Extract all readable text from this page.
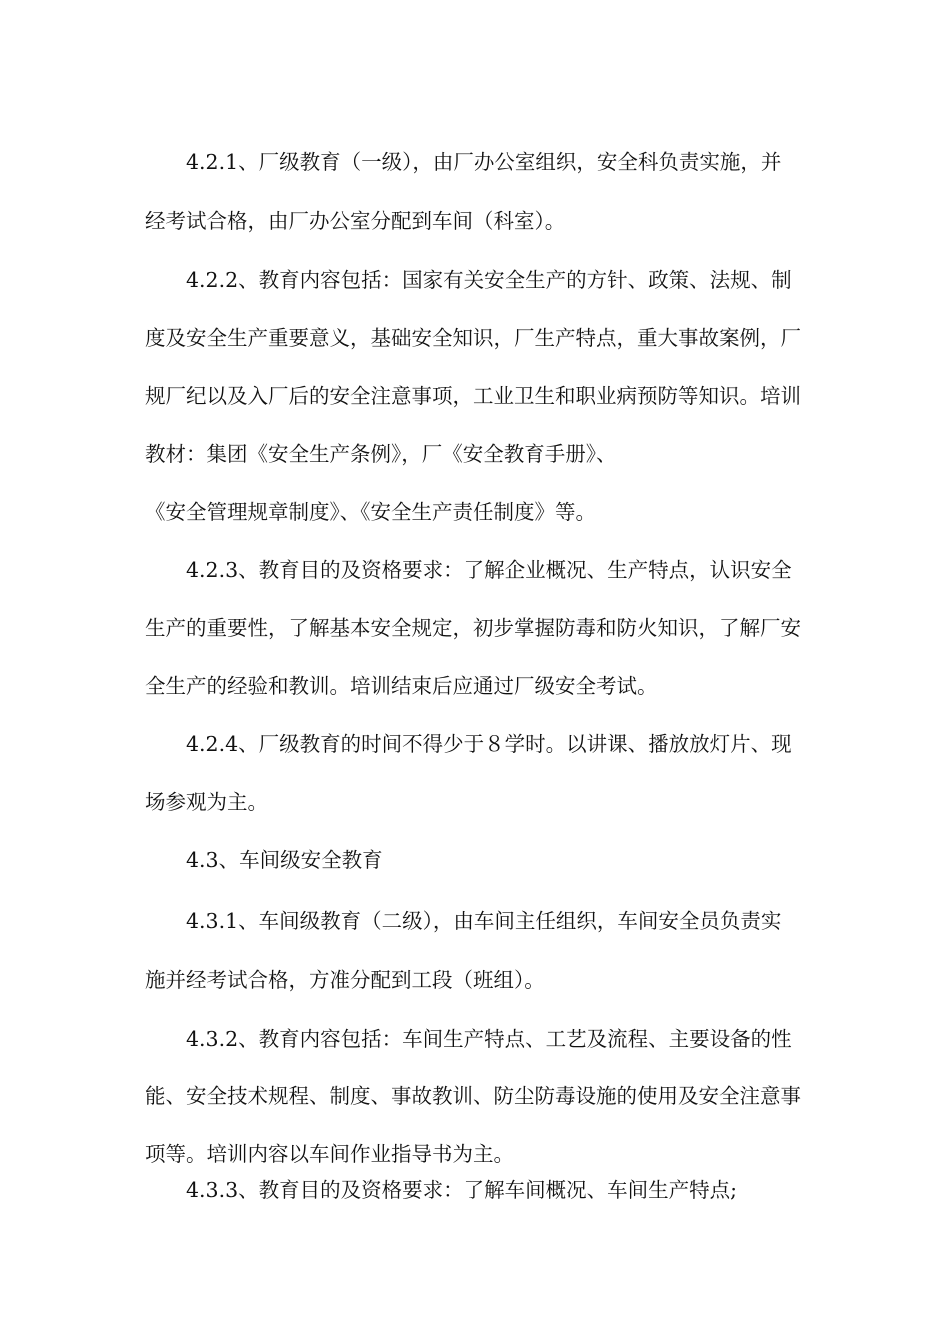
4.2.1、厂级教育（一级），由厂办公室组织，安全科负责实施，并
经考试合格，由厂办公室分配到车间（科室）。
4.2.2、教育内容包括：国家有关安全生产的方针、政策、法规、制
度及安全生产重要意义，基础安全知识，厂生产特点，重大事故案例，厂
规厂纪以及入厂后的安全注意事项，工业卫生和职业病预防等知识。培训
教材：集团《安全生产条例》，厂《安全教育手册》、
《安全管理规章制度》、《安全生产责任制度》等。
4.2.3、教育目的及资格要求：了解企业概况、生产特点，认识安全
生产的重要性，了解基本安全规定，初步掌握防毒和防火知识，了解厂安
全生产的经验和教训。培训结束后应通过厂级安全考试。
4.2.4、厂级教育的时间不得少于８学时。以讲课、播放放灯片、现
场参观为主。
4.3、车间级安全教育
4.3.1、车间级教育（二级），由车间主任组织，车间安全员负责实
施并经考试合格，方准分配到工段（班组）。
4.3.2、教育内容包括：车间生产特点、工艺及流程、主要设备的性
能、安全技术规程、制度、事故教训、防尘防毒设施的使用及安全注意事
项等。培训内容以车间作业指导书为主。
4.3.3、教育目的及资格要求：了解车间概况、车间生产特点;
